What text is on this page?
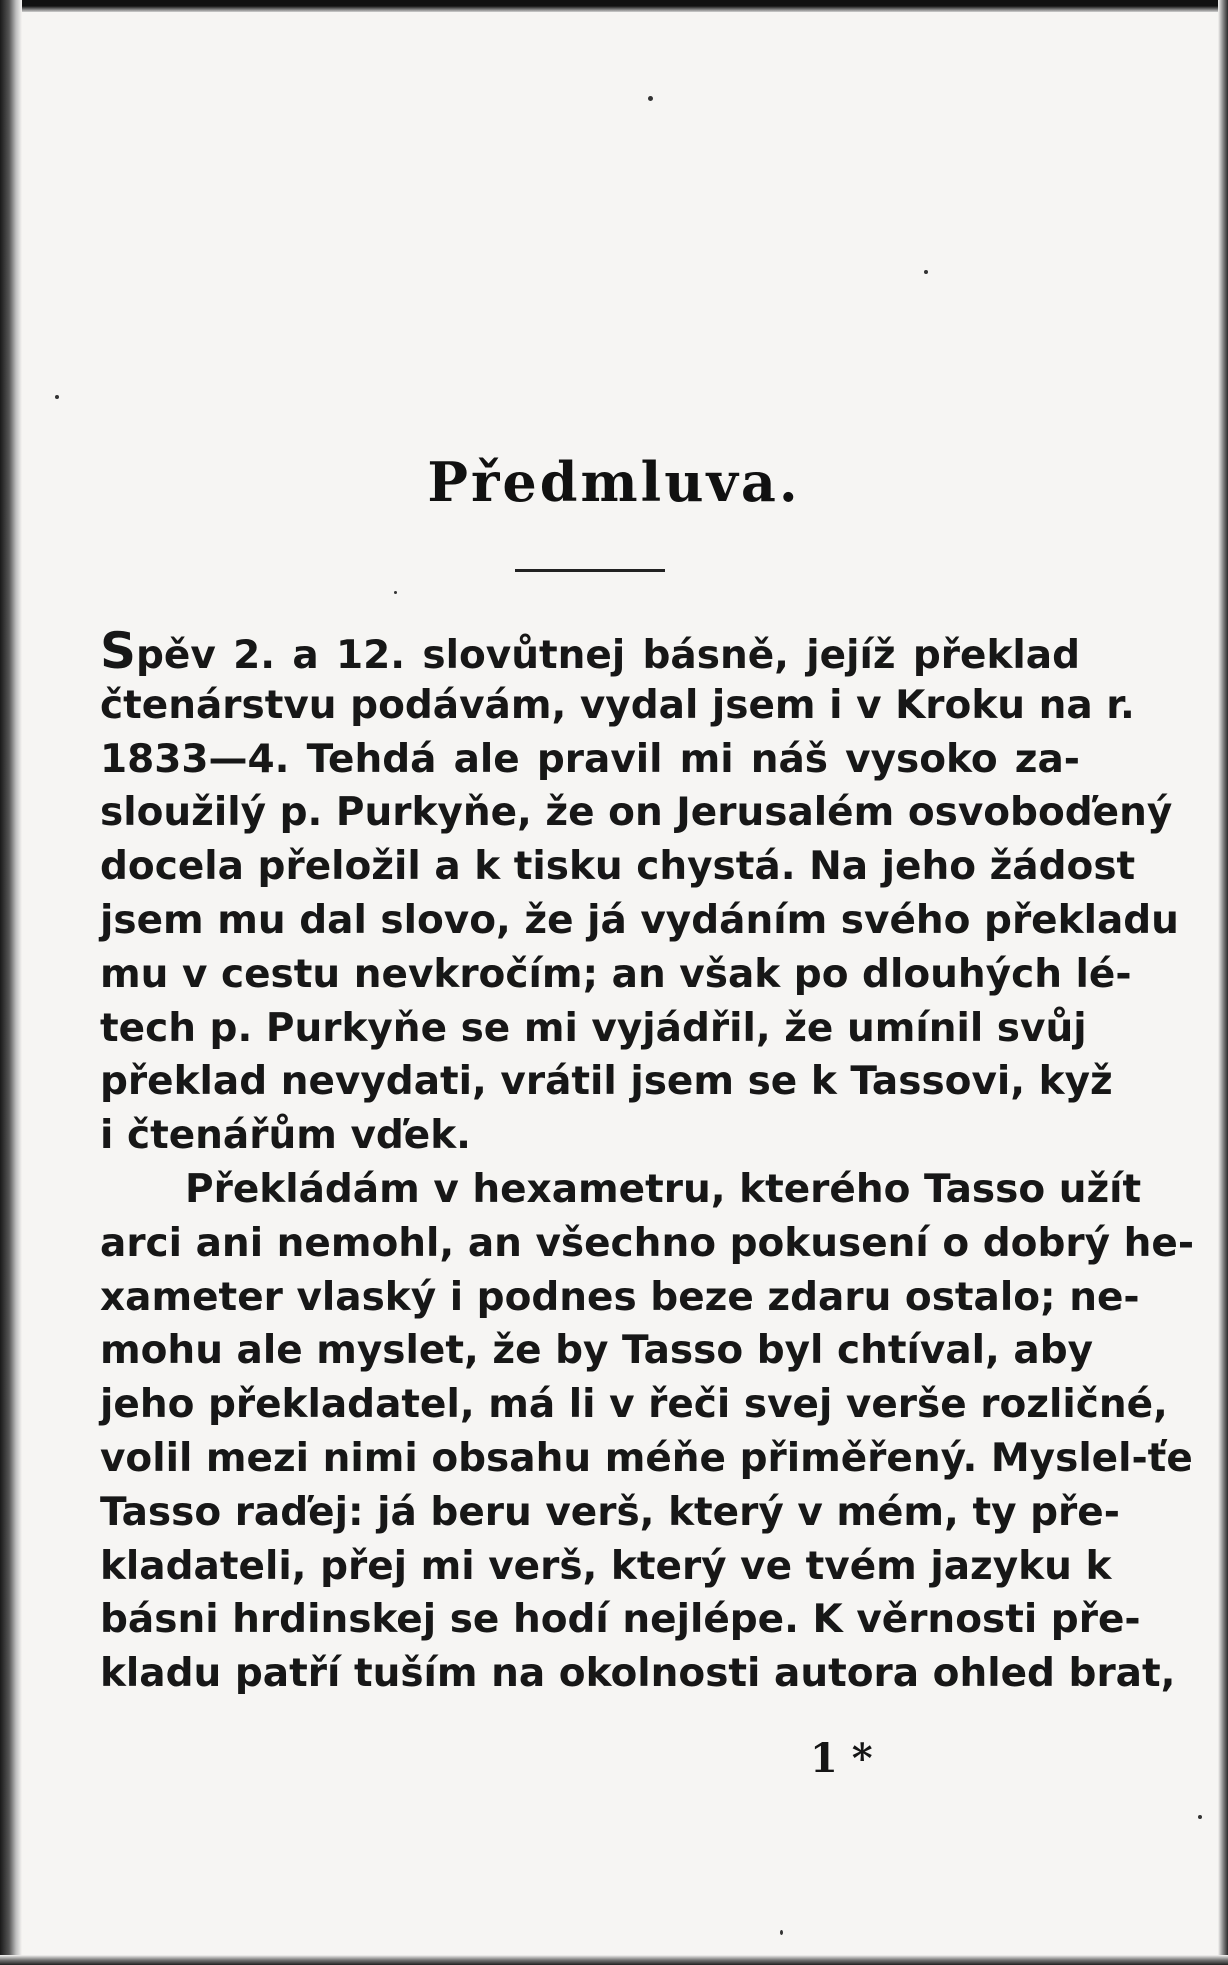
Předmluva.
Spěv 2. a 12. slovůtnej básně, jejíž překlad
čtenárstvu podávám, vydal jsem i v Kroku na r.
1833—4. Tehdá ale pravil mi náš vysoko za-
sloužilý p. Purkyňe, že on Jerusalém osvoboďený
docela přeložil a k tisku chystá. Na jeho žádost
jsem mu dal slovo, že já vydáním svého překladu
mu v cestu nevkročím; an však po dlouhých lé-
tech p. Purkyňe se mi vyjádřil, že umínil svůj
překlad nevydati, vrátil jsem se k Tassovi, kyž
i čtenářům vďek.
Překládám v hexametru, kterého Tasso užít
arci ani nemohl, an všechno pokusení o dobrý he-
xameter vlaský i podnes beze zdaru ostalo; ne-
mohu ale myslet, že by Tasso byl chtíval, aby
jeho překladatel, má li v řeči svej verše rozličné,
volil mezi nimi obsahu méňe přiměřený. Myslel-ťe
Tasso raďej: já beru verš, který v mém, ty pře-
kladateli, přej mi verš, který ve tvém jazyku k
básni hrdinskej se hodí nejlépe. K věrnosti pře-
kladu patří tuším na okolnosti autora ohled brat,
1 *
